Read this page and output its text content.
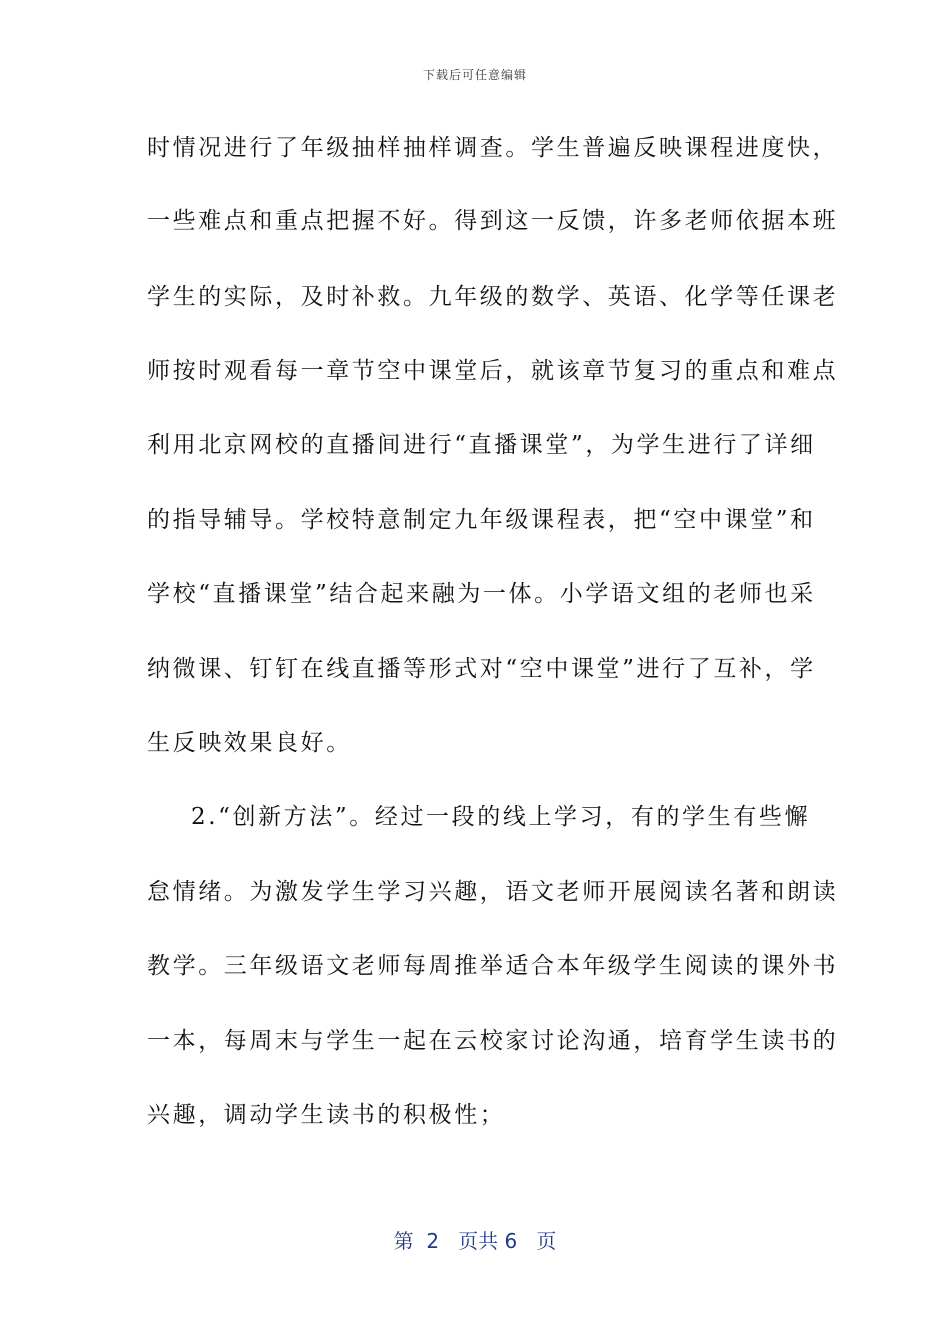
下载后可任意编辑
时情况进行了年级抽样抽样调查。学生普遍反映课程进度快，
一些难点和重点把握不好。得到这一反馈，许多老师依据本班
学生的实际，及时补救。九年级的数学、英语、化学等任课老
师按时观看每一章节空中课堂后，就该章节复习的重点和难点
利用北京网校的直播间进行“直播课堂”，为学生进行了详细
的指导辅导。学校特意制定九年级课程表，把“空中课堂”和
学校“直播课堂”结合起来融为一体。小学语文组的老师也采
纳微课、钉钉在线直播等形式对“空中课堂”进行了互补，学
生反映效果良好。
2.“创新方法”。经过一段的线上学习，有的学生有些懈
怠情绪。为激发学生学习兴趣，语文老师开展阅读名著和朗读
教学。三年级语文老师每周推举适合本年级学生阅读的课外书
一本，每周末与学生一起在云校家讨论沟通，培育学生读书的
兴趣，调动学生读书的积极性；
第  2   页共 6   页
